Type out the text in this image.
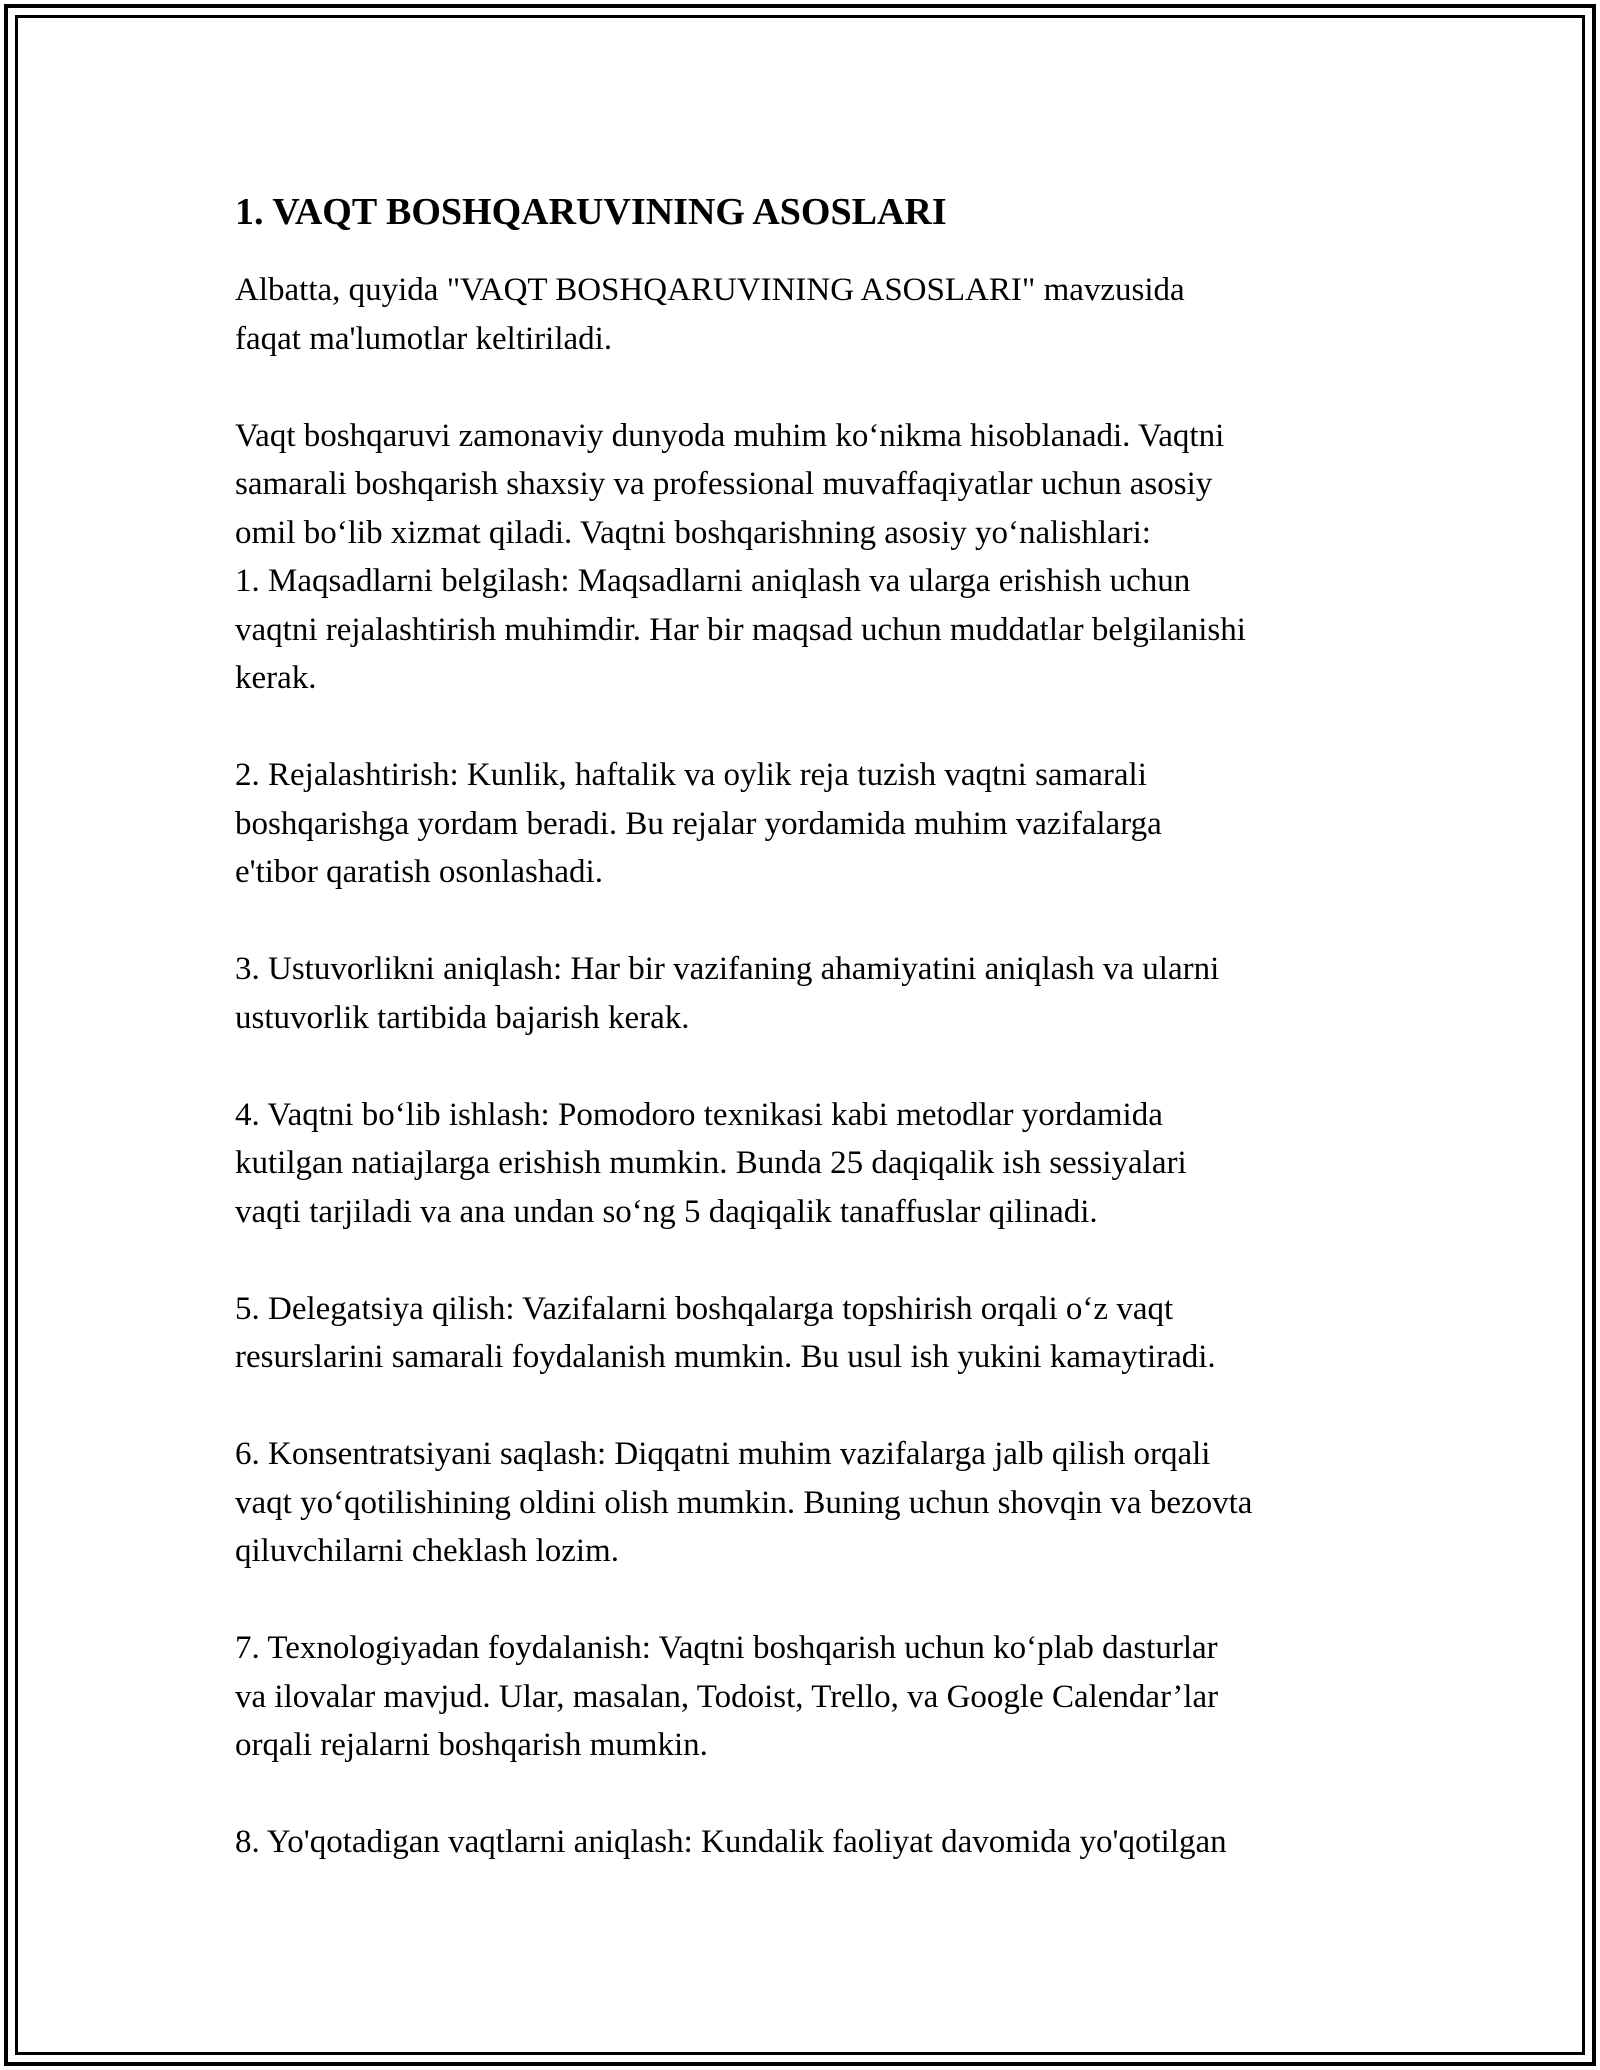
1. VAQT BOSHQARUVINING ASOSLARI

Albatta, quyida "VAQT BOSHQARUVINING ASOSLARI" mavzusida
faqat ma'lumotlar keltiriladi.

Vaqt boshqaruvi zamonaviy dunyoda muhim koʻnikma hisoblanadi. Vaqtni
samarali boshqarish shaxsiy va professional muvaffaqiyatlar uchun asosiy
omil boʻlib xizmat qiladi. Vaqtni boshqarishning asosiy yoʻnalishlari:
1. Maqsadlarni belgilash: Maqsadlarni aniqlash va ularga erishish uchun
vaqtni rejalashtirish muhimdir. Har bir maqsad uchun muddatlar belgilanishi
kerak.

2. Rejalashtirish: Kunlik, haftalik va oylik reja tuzish vaqtni samarali
boshqarishga yordam beradi. Bu rejalar yordamida muhim vazifalarga
e'tibor qaratish osonlashadi.

3. Ustuvorlikni aniqlash: Har bir vazifaning ahamiyatini aniqlash va ularni
ustuvorlik tartibida bajarish kerak.

4. Vaqtni boʻlib ishlash: Pomodoro texnikasi kabi metodlar yordamida
kutilgan natiajlarga erishish mumkin. Bunda 25 daqiqalik ish sessiyalari
vaqti tarjiladi va ana undan soʻng 5 daqiqalik tanaffuslar qilinadi.

5. Delegatsiya qilish: Vazifalarni boshqalarga topshirish orqali oʻz vaqt
resurslarini samarali foydalanish mumkin. Bu usul ish yukini kamaytiradi.

6. Konsentratsiyani saqlash: Diqqatni muhim vazifalarga jalb qilish orqali
vaqt yoʻqotilishining oldini olish mumkin. Buning uchun shovqin va bezovta
qiluvchilarni cheklash lozim.

7. Texnologiyadan foydalanish: Vaqtni boshqarish uchun koʻplab dasturlar
va ilovalar mavjud. Ular, masalan, Todoist, Trello, va Google Calendar’lar
orqali rejalarni boshqarish mumkin.

8. Yo'qotadigan vaqtlarni aniqlash: Kundalik faoliyat davomida yo'qotilgan
